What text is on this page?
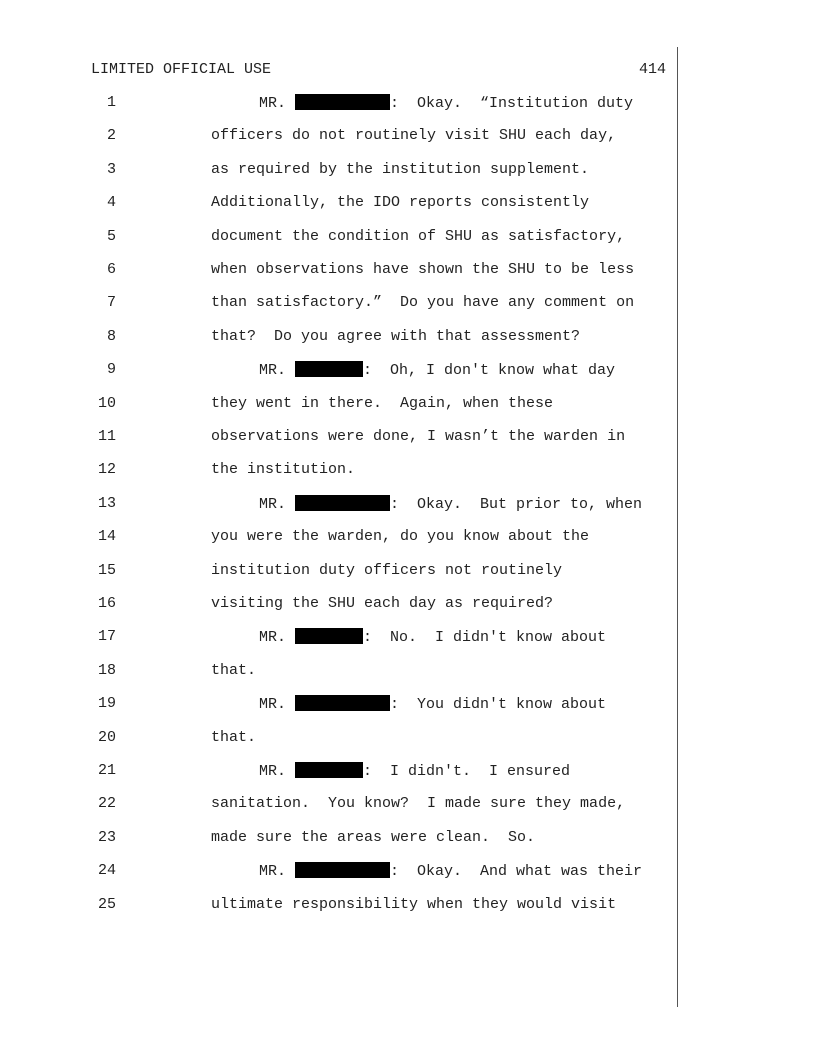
LIMITED OFFICIAL USE	414
1	MR.	:  Okay.  “Institution duty
2	officers do not routinely visit SHU each day,
3	as required by the institution supplement.
4	Additionally, the IDO reports consistently
5	document the condition of SHU as satisfactory,
6	when observations have shown the SHU to be less
7	than satisfactory.”  Do you have any comment on
8	that?  Do you agree with that assessment?
9	MR.	:  Oh, I don't know what day
10	they went in there.  Again, when these
11	observations were done, I wasn’t the warden in
12	the institution.
13	MR.	:  Okay.  But prior to, when
14	you were the warden, do you know about the
15	institution duty officers not routinely
16	visiting the SHU each day as required?
17	MR.	:  No.  I didn't know about
18	that.
19	MR.	:  You didn't know about
20	that.
21	MR.	:  I didn't.  I ensured
22	sanitation.  You know?  I made sure they made,
23	made sure the areas were clean.  So.
24	MR.	:  Okay.  And what was their
25	ultimate responsibility when they would visit
